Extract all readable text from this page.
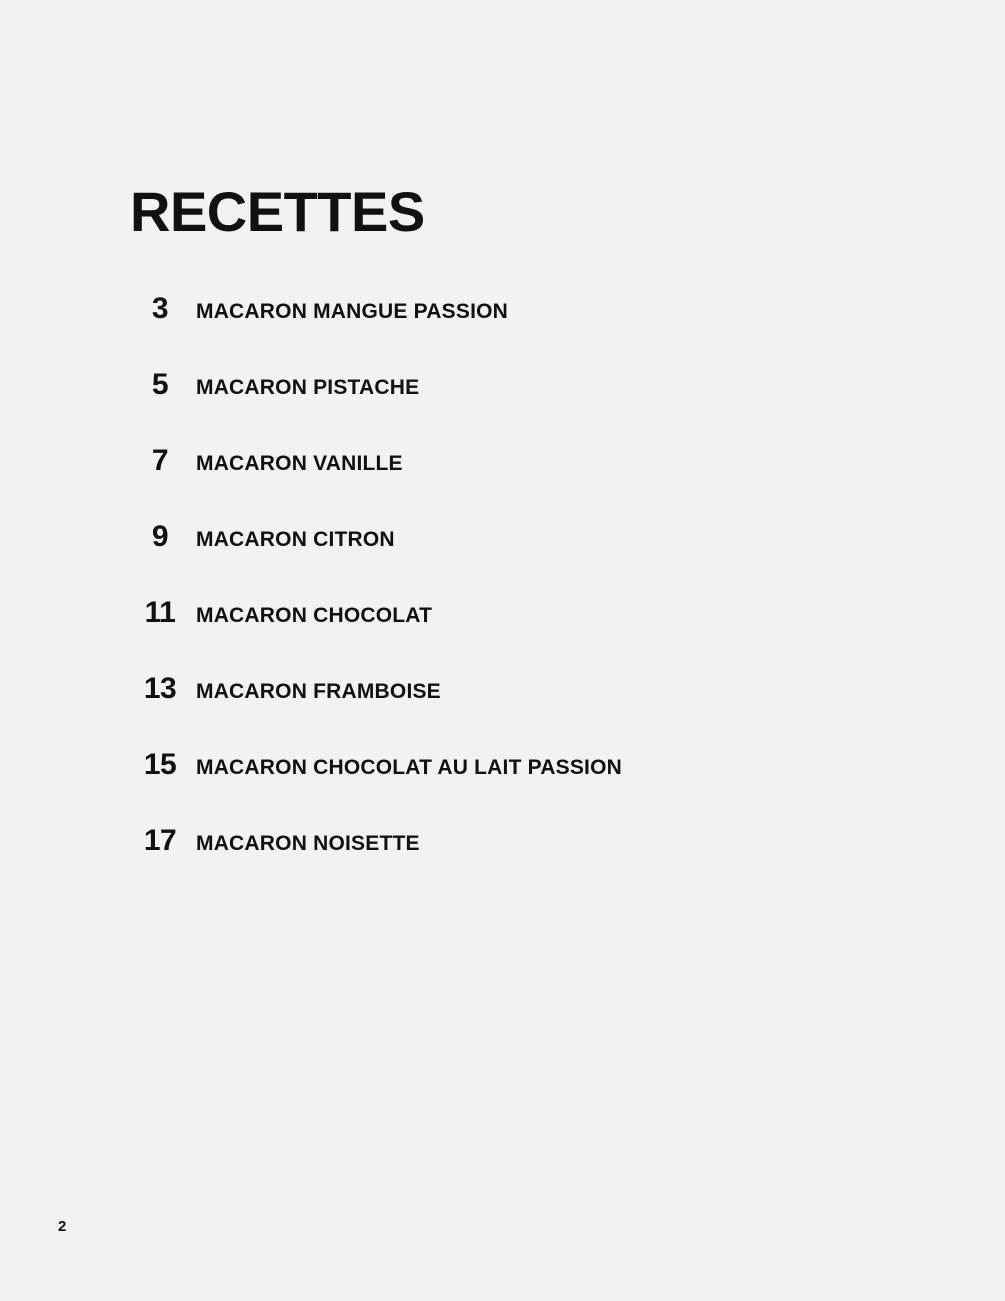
RECETTES
3	MACARON MANGUE PASSION
5	MACARON PISTACHE
7	MACARON VANILLE
9	MACARON CITRON
11 MACARON CHOCOLAT
13 MACARON FRAMBOISE
15 MACARON CHOCOLAT AU LAIT PASSION
17 MACARON NOISETTE
2
